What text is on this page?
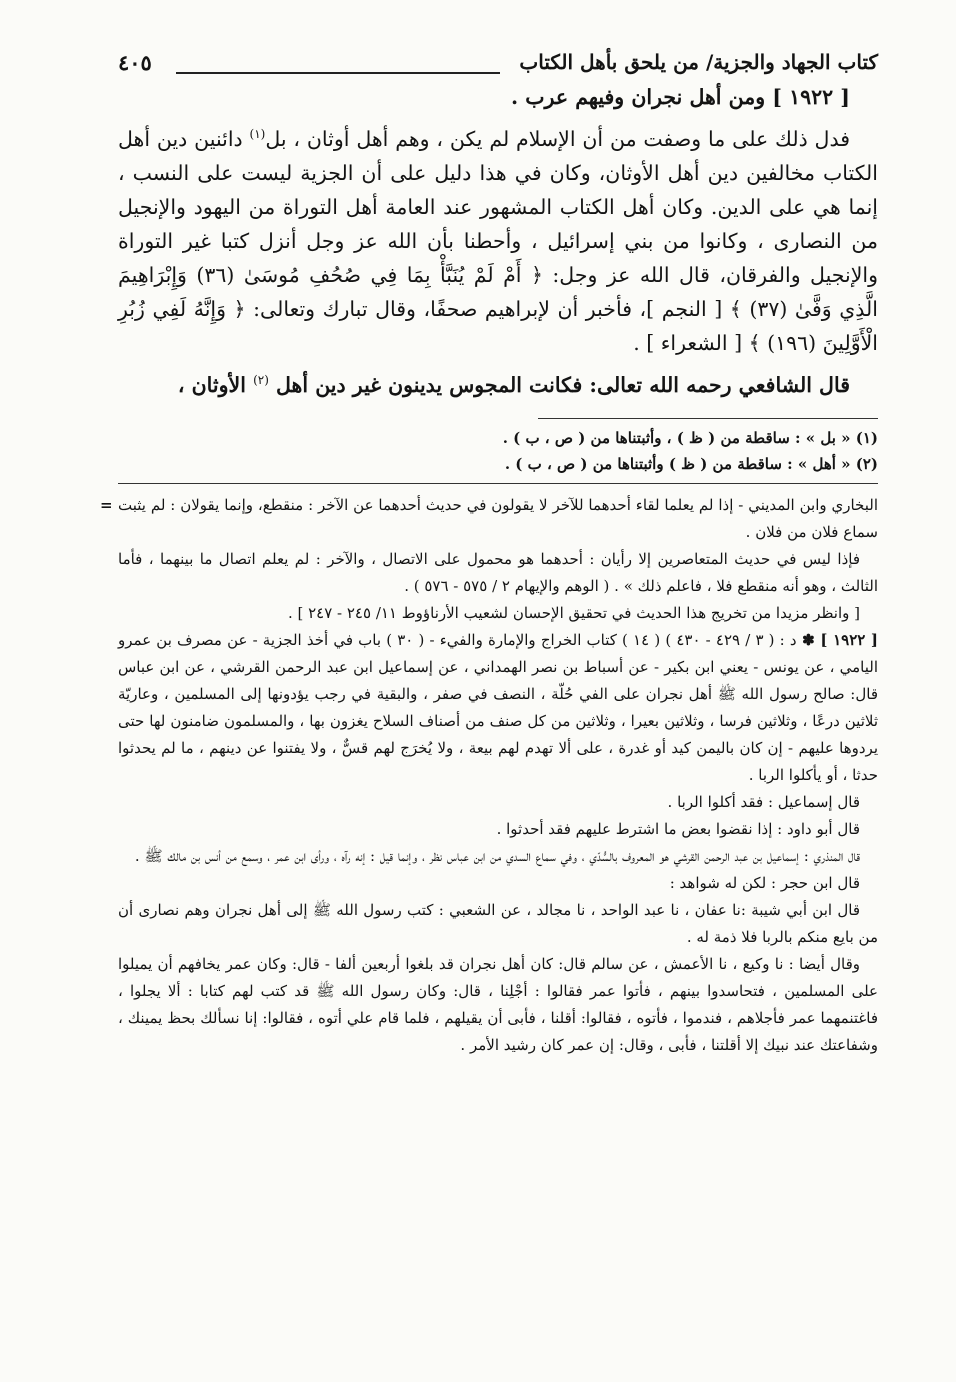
كتاب الجهاد والجزية/ من يلحق بأهل الكتاب
٤٠٥

[ ١٩٢٢ ] ومن أهل نجران وفيهم عرب .

فدل ذلك على ما وصفت من أن الإسلام لم يكن ، وهم أهل أوثان ، بل$^{(١)}$ دائنين دين أهل الكتاب مخالفين دين أهل الأوثان، وكان في هذا دليل على أن الجزية ليست على النسب ، إنما هي على الدين. وكان أهل الكتاب المشهور عند العامة أهل التوراة من اليهود والإنجيل من النصارى ، وكانوا من بني إسرائيل ، وأحطنا بأن الله عز وجل أنزل كتبا غير التوراة والإنجيل والفرقان، قال الله عز وجل: ﴿ أَمْ لَمْ يُنَبَّأْ بِمَا فِي صُحُفِ مُوسَىٰ (٣٦) وَإِبْرَاهِيمَ الَّذِي وَفَّىٰ (٣٧) ﴾ [ النجم ]، فأخبر أن لإبراهيم صحفًا، وقال تبارك وتعالى: ﴿ وَإِنَّهُ لَفِي زُبُرِ الْأَوَّلِينَ (١٩٦) ﴾ [ الشعراء ] .

قال الشافعي رحمه الله تعالى: فكانت المجوس يدينون غير دين أهل $^{(٢)}$ الأوثان ،

(١) « بل » : ساقطة من ( ظ ) ، وأثبتناها من ( ص ، ب ) .
(٢) « أهل » : ساقطة من ( ظ ) وأثبتناها من ( ص ، ب ) .

= البخاري وابن المديني - إذا لم يعلما لقاء أحدهما للآخر لا يقولون في حديث أحدهما عن الآخر : منقطع، وإنما يقولان : لم يثبت سماع فلان من فلان .

فإذا ليس في حديث المتعاصرين إلا رأيان : أحدهما هو محمول على الاتصال ، والآخر : لم يعلم اتصال ما بينهما ، فأما الثالث ، وهو أنه منقطع فلا ، فاعلم ذلك » . ( الوهم والإيهام ٢ / ٥٧٥ - ٥٧٦ ) .

[ وانظر مزيدا من تخريج هذا الحديث في تحقيق الإحسان لشعيب الأرناؤوط ١١/ ٢٤٥ - ٢٤٧ ] .

[ ١٩٢٢ ] ✽ د : ( ٣ / ٤٢٩ - ٤٣٠ ) ( ١٤ ) كتاب الخراج والإمارة والفيء - ( ٣٠ ) باب في أخذ الجزية - عن مصرف بن عمرو اليامي ، عن يونس - يعني ابن بكير - عن أسباط بن نصر الهمداني ، عن إسماعيل ابن عبد الرحمن القرشي ، عن ابن عباس قال: صالح رسول الله ﷺ أهل نجران على الفي حُلّة ، النصف في صفر ، والبقية في رجب يؤدونها إلى المسلمين ، وعاريّة ثلاثين درعًا ، وثلاثين فرسا ، وثلاثين بعيرا ، وثلاثين من كل صنف من أصناف السلاح يغزون بها ، والمسلمون ضامنون لها حتى يردوها عليهم - إن كان باليمن كيد أو غدرة ، على ألا تهدم لهم بيعة ، ولا يُخرَج لهم قسٌّ ، ولا يفتنوا عن دينهم ، ما لم يحدثوا حدثا ، أو يأكلوا الربا .

قال إسماعيل : فقد أكلوا الربا .

قال أبو داود : إذا نقضوا بعض ما اشترط عليهم فقد أحدثوا .

قال المنذري : إسماعيل بن عبد الرحمن القرشي هو المعروف بالسُّدّي ، وفي سماع السدي من ابن عباس نظر ، وإنما قيل : إنه رآه ، ورأى ابن عمر ، وسمع من أنس بن مالك ﷺ .

قال ابن حجر : لكن له شواهد :

قال ابن أبي شيبة :نا عفان ، نا عبد الواحد ، نا مجالد ، عن الشعبي : كتب رسول الله ﷺ إلى أهل نجران وهم نصارى أن من بايع منكم بالربا فلا ذمة له .

وقال أيضا : نا وكيع ، نا الأعمش ، عن سالم قال: كان أهل نجران قد بلغوا أربعين ألفا - قال: وكان عمر يخافهم أن يميلوا على المسلمين ، فتحاسدوا بينهم ، فأتوا عمر فقالوا : أجْلِنا ، قال: وكان رسول الله ﷺ قد كتب لهم كتابا : ألا يجلوا ، فاغتنمهما عمر فأجلاهم ، فندموا ، فأتوه ، فقالوا: أقلنا ، فأبى أن يقيلهم ، فلما قام علي أتوه ، فقالوا: إنا نسألك بحظ يمينك ، وشفاعتك عند نبيك إلا أقلتنا ، فأبى ، وقال: إن عمر كان رشيد الأمر .
